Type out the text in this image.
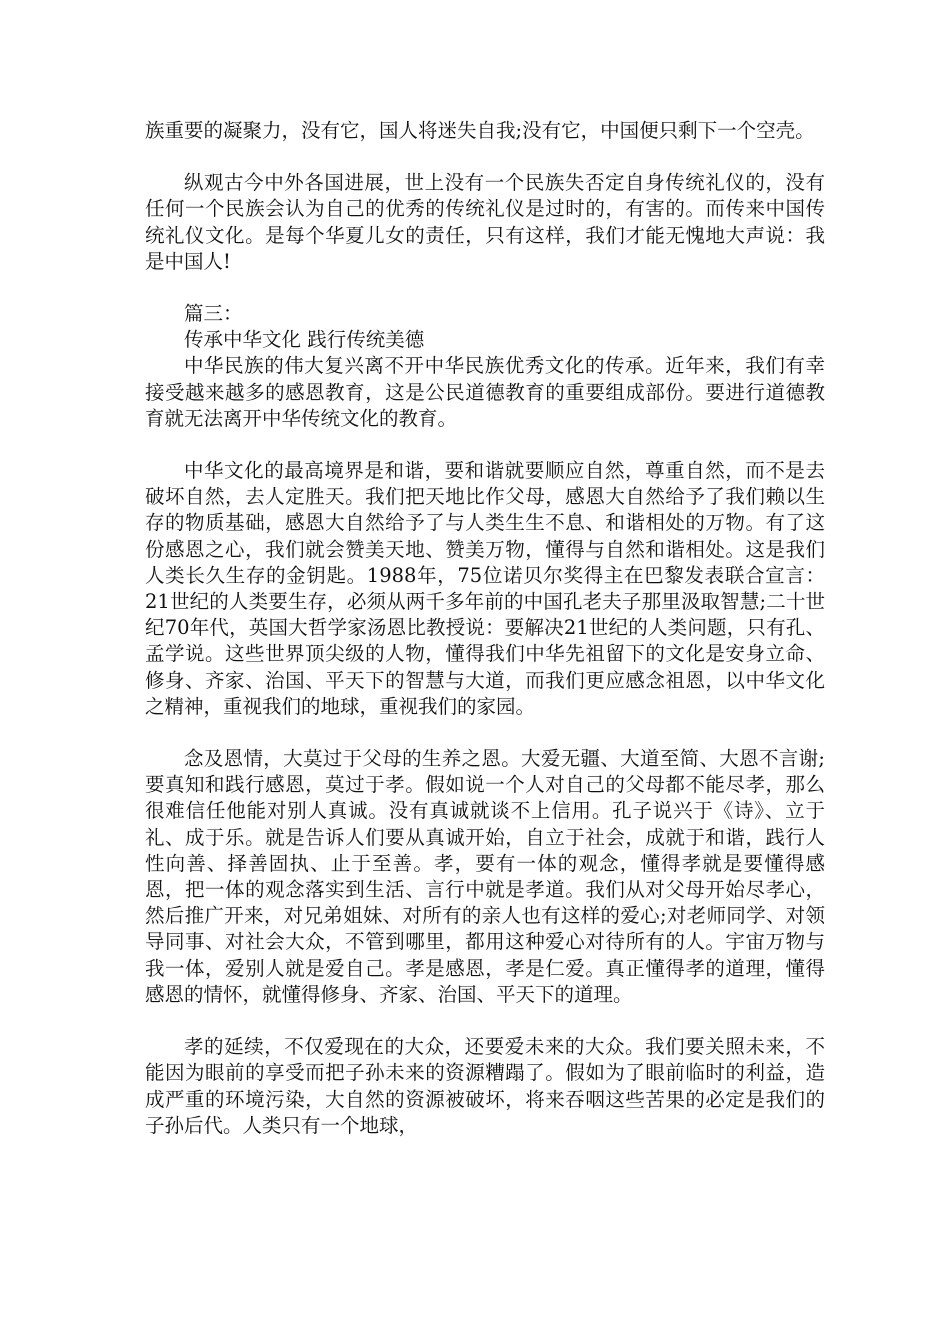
族重要的凝聚力，没有它，国人将迷失自我;没有它，中国便只剩下一个空壳。

纵观古今中外各国进展，世上没有一个民族失否定自身传统礼仪的，没有任何一个民族会认为自己的优秀的传统礼仪是过时的，有害的。而传来中国传统礼仪文化。是每个华夏儿女的责任，只有这样，我们才能无愧地大声说：我是中国人!

篇三：

传承中华文化 践行传统美德

中华民族的伟大复兴离不开中华民族优秀文化的传承。近年来，我们有幸接受越来越多的感恩教育，这是公民道德教育的重要组成部份。要进行道德教育就无法离开中华传统文化的教育。

中华文化的最高境界是和谐，要和谐就要顺应自然，尊重自然，而不是去破坏自然，去人定胜天。我们把天地比作父母，感恩大自然给予了我们赖以生存的物质基础，感恩大自然给予了与人类生生不息、和谐相处的万物。有了这份感恩之心，我们就会赞美天地、赞美万物，懂得与自然和谐相处。这是我们人类长久生存的金钥匙。1988年，75位诺贝尔奖得主在巴黎发表联合宣言：21世纪的人类要生存，必须从两千多年前的中国孔老夫子那里汲取智慧;二十世纪70年代，英国大哲学家汤恩比教授说：要解决21世纪的人类问题，只有孔、孟学说。这些世界顶尖级的人物，懂得我们中华先祖留下的文化是安身立命、修身、齐家、治国、平天下的智慧与大道，而我们更应感念祖恩，以中华文化之精神，重视我们的地球，重视我们的家园。

念及恩情，大莫过于父母的生养之恩。大爱无疆、大道至简、大恩不言谢;要真知和践行感恩，莫过于孝。假如说一个人对自己的父母都不能尽孝，那么很难信任他能对别人真诚。没有真诚就谈不上信用。孔子说兴于《诗》、立于礼、成于乐。就是告诉人们要从真诚开始，自立于社会，成就于和谐，践行人性向善、择善固执、止于至善。孝，要有一体的观念，懂得孝就是要懂得感恩，把一体的观念落实到生活、言行中就是孝道。我们从对父母开始尽孝心，然后推广开来，对兄弟姐妹、对所有的亲人也有这样的爱心;对老师同学、对领导同事、对社会大众，不管到哪里，都用这种爱心对待所有的人。宇宙万物与我一体，爱别人就是爱自己。孝是感恩，孝是仁爱。真正懂得孝的道理，懂得感恩的情怀，就懂得修身、齐家、治国、平天下的道理。

孝的延续，不仅爱现在的大众，还要爱未来的大众。我们要关照未来，不能因为眼前的享受而把子孙未来的资源糟蹋了。假如为了眼前临时的利益，造成严重的环境污染，大自然的资源被破坏，将来吞咽这些苦果的必定是我们的子孙后代。人类只有一个地球，
